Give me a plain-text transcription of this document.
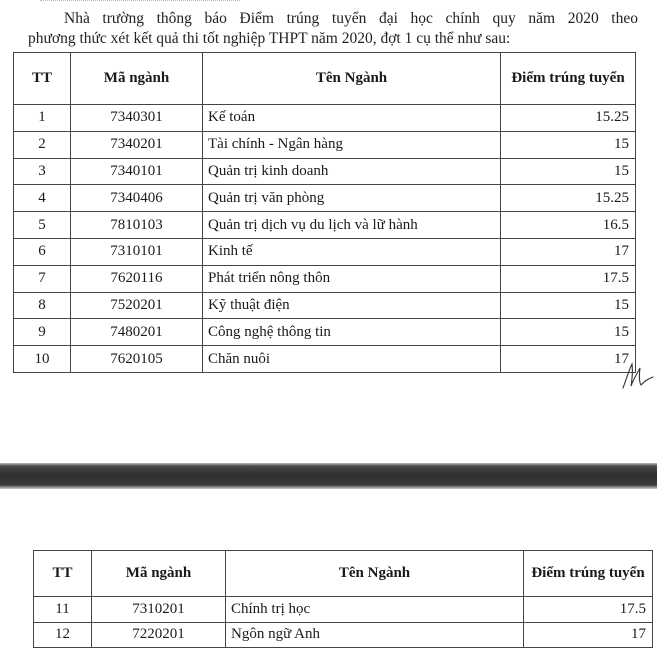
Nhà trường thông báo Điểm trúng tuyển đại học chính quy năm 2020 theo
phương thức xét kết quả thi tốt nghiệp THPT năm 2020, đợt 1 cụ thể như sau:
TT	Mã ngành	Tên Ngành	Điểm trúng tuyển
1	7340301	Kế toán	15.25
2	7340201	Tài chính - Ngân hàng	15
3	7340101	Quản trị kinh doanh	15
4	7340406	Quản trị văn phòng	15.25
5	7810103	Quản trị dịch vụ du lịch và lữ hành	16.5
6	7310101	Kinh tế	17
7	7620116	Phát triển nông thôn	17.5
8	7520201	Kỹ thuật điện	15
9	7480201	Công nghệ thông tin	15
10	7620105	Chăn nuôi	17
TT	Mã ngành	Tên Ngành	Điểm trúng tuyển
11	7310201	Chính trị học	17.5
12	7220201	Ngôn ngữ Anh	17
